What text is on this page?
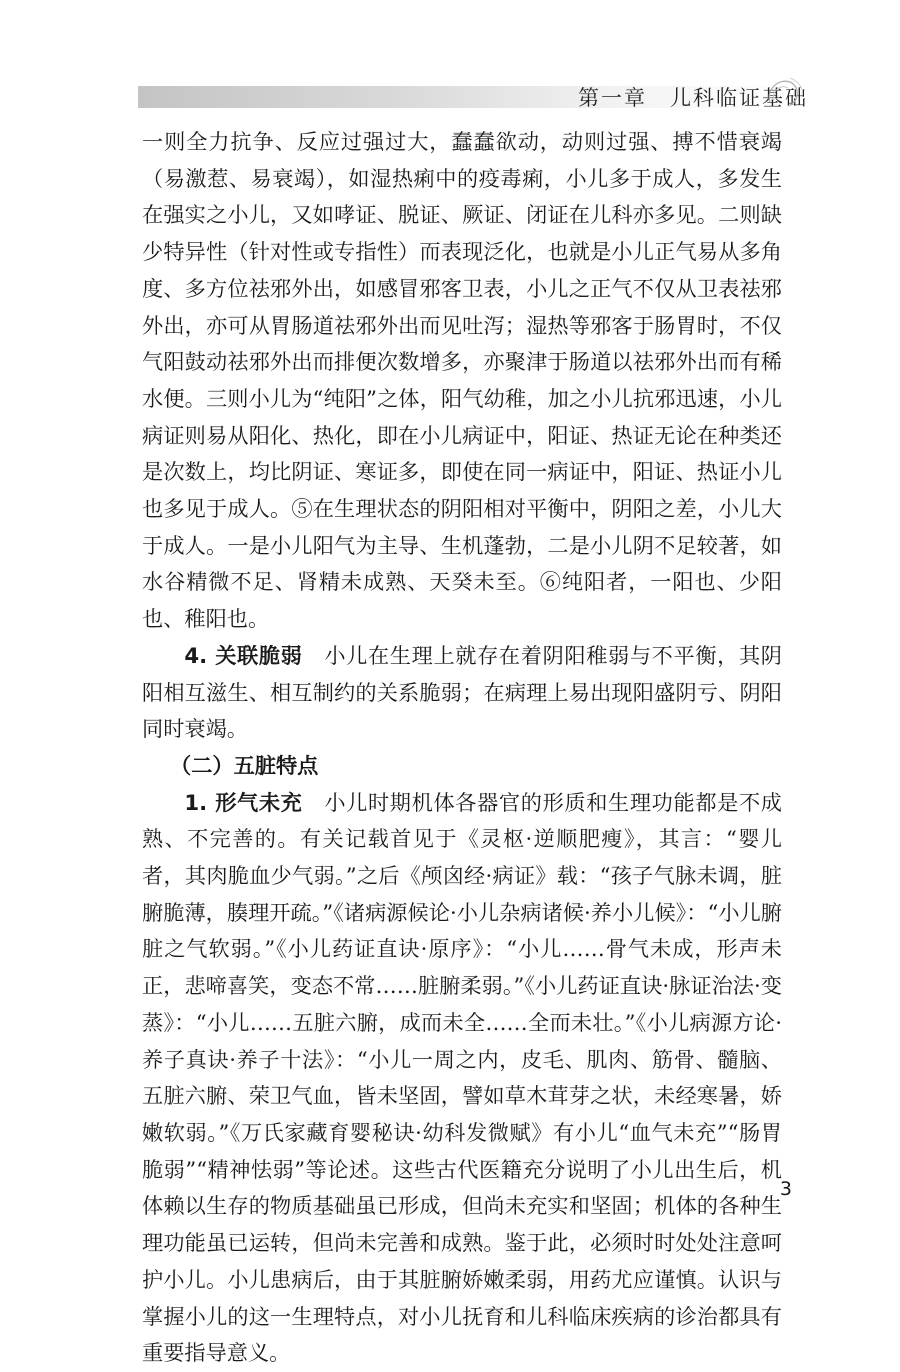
第一章　儿科临证基础

一则全力抗争、反应过强过大，蠢蠢欲动，动则过强、搏不惜衰竭（易激惹、易衰竭），如湿热痢中的疫毒痢，小儿多于成人，多发生在强实之小儿，又如哮证、脱证、厥证、闭证在儿科亦多见。二则缺少特异性（针对性或专指性）而表现泛化，也就是小儿正气易从多角度、多方位祛邪外出，如感冒邪客卫表，小儿之正气不仅从卫表祛邪外出，亦可从胃肠道祛邪外出而见吐泻；湿热等邪客于肠胃时，不仅气阳鼓动祛邪外出而排便次数增多，亦聚津于肠道以祛邪外出而有稀水便。三则小儿为“纯阳”之体，阳气幼稚，加之小儿抗邪迅速，小儿病证则易从阳化、热化，即在小儿病证中，阳证、热证无论在种类还是次数上，均比阴证、寒证多，即使在同一病证中，阳证、热证小儿也多见于成人。⑤在生理状态的阴阳相对平衡中，阴阳之差，小儿大于成人。一是小儿阳气为主导、生机蓬勃，二是小儿阴不足较著，如水谷精微不足、肾精未成熟、天癸未至。⑥纯阳者，一阳也、少阳也、稚阳也。

4. 关联脆弱　小儿在生理上就存在着阴阳稚弱与不平衡，其阴阳相互滋生、相互制约的关系脆弱；在病理上易出现阳盛阴亏、阴阳同时衰竭。

（二）五脏特点

1. 形气未充　小儿时期机体各器官的形质和生理功能都是不成熟、不完善的。有关记载首见于《灵枢·逆顺肥瘦》，其言：“婴儿者，其肉脆血少气弱。”之后《颅囟经·病证》载：“孩子气脉未调，脏腑脆薄，腠理开疏。”《诸病源候论·小儿杂病诸候·养小儿候》：“小儿腑脏之气软弱。”《小儿药证直诀·原序》：“小儿……骨气未成，形声未正，悲啼喜笑，变态不常……脏腑柔弱。”《小儿药证直诀·脉证治法·变蒸》：“小儿……五脏六腑，成而未全……全而未壮。”《小儿病源方论·养子真诀·养子十法》：“小儿一周之内，皮毛、肌肉、筋骨、髓脑、五脏六腑、荣卫气血，皆未坚固，譬如草木茸芽之状，未经寒暑，娇嫩软弱。”《万氏家藏育婴秘诀·幼科发微赋》有小儿“血气未充”“肠胃脆弱”“精神怯弱”等论述。这些古代医籍充分说明了小儿出生后，机体赖以生存的物质基础虽已形成，但尚未充实和坚固；机体的各种生理功能虽已运转，但尚未完善和成熟。鉴于此，必须时时处处注意呵护小儿。小儿患病后，由于其脏腑娇嫩柔弱，用药尤应谨慎。认识与掌握小儿的这一生理特点，对小儿抚育和儿科临床疾病的诊治都具有重要指导意义。

3
